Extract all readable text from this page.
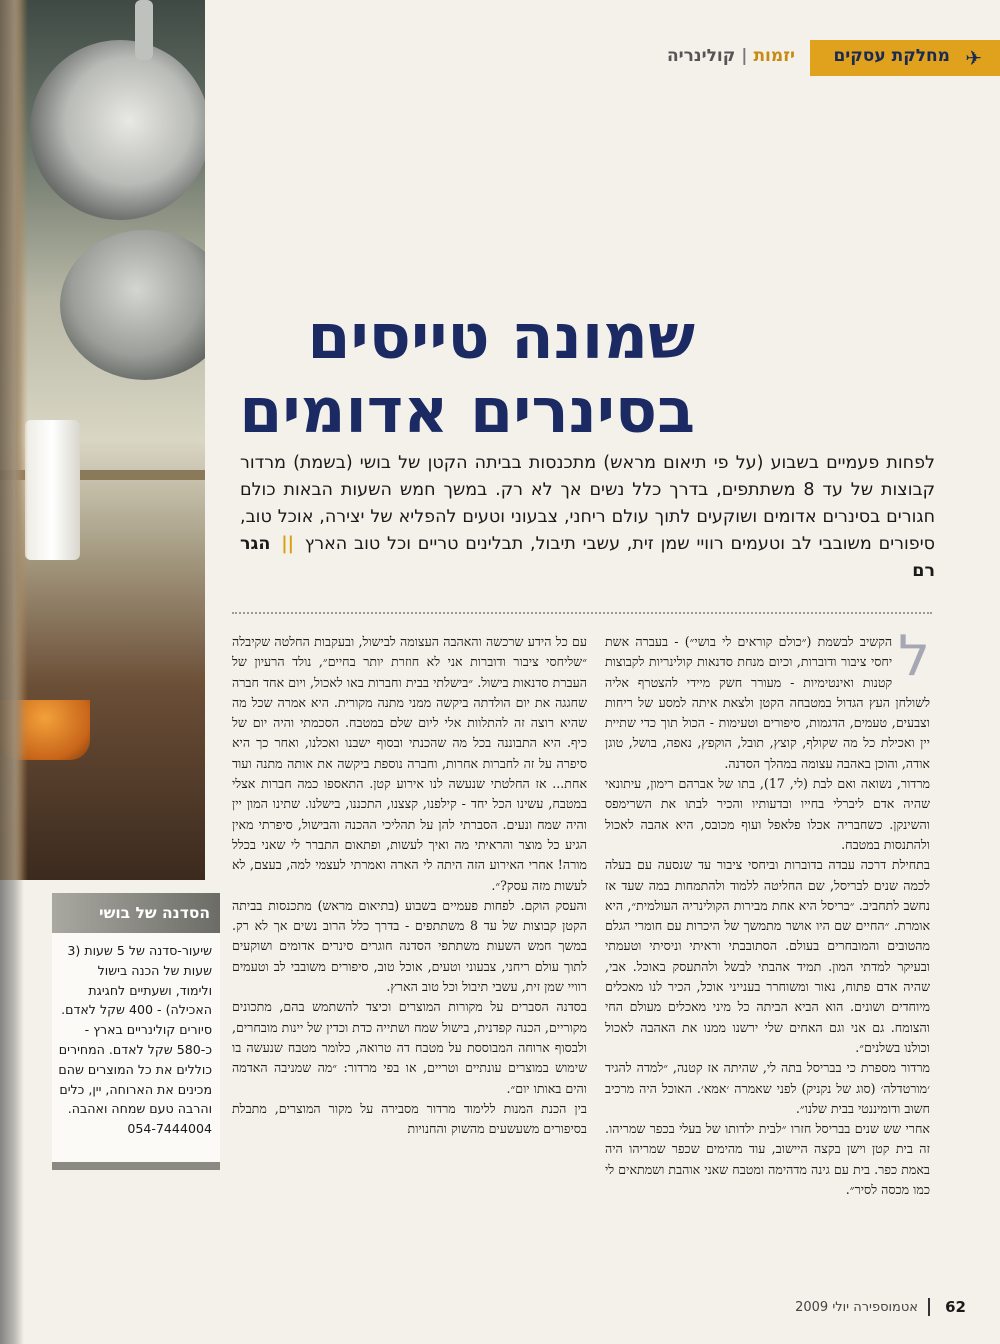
מחלקת עסקים ✈
יזמות|קולינריה
שמונה טייסים
בסינרים אדומים
לפחות פעמיים בשבוע (על פי תיאום מראש) מתכנסות בביתה הקטן של בושי (בשמת) מרדור קבוצות של עד 8 משתתפים, בדרך כלל נשים אך לא רק. במשך חמש השעות הבאות כולם חגורים בסינרים אדומים ושוקעים לתוך עולם ריחני, צבעוני וטעים להפליא של יצירה, אוכל טוב, סיפורים משובבי לב וטעמים רוויי שמן זית, עשבי תיבול, תבלינים טריים וכל טוב הארץ || הגר רם
ל

הקשיב לבשמת (״כולם קוראים לי בושי״) - בעברה אשת יחסי ציבור ודוברות, וכיום מנחת סדנאות קולינריות לקבוצות קטנות ואינטימיות - מעורר חשק מיידי להצטרף אליה לשולחן העץ הגדול במטבחה הקטן ולצאת איתה למסע של ריחות וצבעים, טעמים, הדגמות, סיפורים וטעימות - הכול תוך כדי שתיית יין ואכילת כל מה שקולף, קוצץ, תובל, הוקפץ, נאפה, בושל, טוגן אודה, והוכן באהבה עצומה במהלך הסדנה.

מרדור, נשואה ואם לבת (לי, 17), בתו של אברהם רימון, עיתונאי שהיה אדם ליברלי בחייו ובדעותיו והכיר לבתו את השרימפס והשינקן. כשחבריה אכלו פלאפל ועוף מכובס, היא אהבה לאכול ולהתנסות במטבח.

בתחילת דרכה עבדה בדוברות וביחסי ציבור עד שנסעה עם בעלה לכמה שנים לבריסל, שם החליטה ללמוד ולהתמחות במה שעד אז נחשב לתחביב. ״בריסל היא אחת מבירות הקולינריה העולמית״, היא אומרת. ״החיים שם היו אושר מתמשך של היכרות עם חומרי הגלם מהטובים והמובחרים בעולם. הסתובבתי וראיתי וניסיתי וטעמתי ובעיקר למדתי המון. תמיד אהבתי לבשל ולהתעסק באוכל. אבי, שהיה אדם פתוח, נאור ומשוחרר בענייני אוכל, הכיר לנו מאכלים מיוחדים ושונים. הוא הביא הביתה כל מיני מאכלים מעולם החי והצומח. גם אני וגם האחים שלי ירשנו ממנו את האהבה לאכול וכולנו בשלנים״.

מרדור מספרת כי בבריסל בתה לי, שהיתה אז קטנה, ״למדה להגיד ׳מורטדלה׳ (סוג של נקניק) לפני שאמרה ׳אמא׳. האוכל היה מרכיב חשוב ודומיננטי בבית שלנו״.

אחרי שש שנים בבריסל חזרו ״לבית ילדותו של בעלי בכפר שמריהו. זה בית קטן וישן בקצה היישוב, עוד מהימים שכפר שמריהו היה באמת כפר. בית עם גינה מדהימה ומטבח שאני אוהבת ושמתאים לי כמו מכסה לסיר״.

עם כל הידע שרכשה והאהבה העצומה לבישול, ובעקבות החלטה שקיבלה ״שליחסי ציבור ודוברות אני לא חוזרת יותר בחיים״, נולד הרעיון של העברת סדנאות בישול. ״בישלתי בבית וחברות באו לאכול, ויום אחד חברה שחגגה את יום הולדתה ביקשה ממני מתנה מקורית. היא אמרה שכל מה שהיא רוצה זה להתלוות אלי ליום שלם במטבח. הסכמתי והיה יום של כיף. היא התבוננה בכל מה שהכנתי ובסוף ישבנו ואכלנו, ואחר כך היא סיפרה על זה לחברות אחרות, וחברה נוספת ביקשה את אותה מתנה ועוד אחת... אז החלטתי שנעשה לנו אירוע קטן. התאספו כמה חברות אצלי במטבח, עשינו הכל יחד - קילפנו, קצצנו, התכננו, בישלנו. שתינו המון יין והיה שמח ונעים. הסברתי להן על תהליכי ההכנה והבישול, סיפרתי מאין הגיע כל מוצר והראיתי מה ואיך לעשות, ופתאום התברר לי שאני בכלל מורה! אחרי האירוע הזה היתה לי הארה ואמרתי לעצמי למה, בעצם, לא לעשות מזה עסק?״.

והעסק הוקם. לפחות פעמיים בשבוע (בתיאום מראש) מתכנסות בביתה הקטן קבוצות של עד 8 משתתפים - בדרך כלל הרוב נשים אך לא רק. במשך חמש השעות משתתפי הסדנה חוגרים סינרים אדומים ושוקעים לתוך עולם ריחני, צבעוני וטעים, אוכל טוב, סיפורים משובבי לב וטעמים רוויי שמן זית, עשבי תיבול וכל טוב הארץ.

בסדנה הסברים על מקורות המוצרים וכיצד להשתמש בהם, מתכונים מקוריים, הכנה קפדנית, בישול שמח ושתייה כדת וכדין של יינות מובחרים, ולבסוף ארוחה המבוססת על מטבח דה טרואה, כלומר מטבח שנעשה בו שימוש במוצרים עונתיים וטריים, או בפי מרדור: ״מה שמניבה האדמה והים באותו יום״.

בין הכנת המנות ללימוד מרדור מסבירה על מקור המוצרים, מתבלת בסיפורים משעשעים מהשוק והחנויות

הסדנה של בושי
שיעור-סדנה של 5 שעות (3 שעות של הכנה בישול ולימוד, ושעתיים לחגיגת האכילה) - 400 שקל לאדם. סיורים קולינריים בארץ - כ-580 שקל לאדם. המחירים כוללים את כל המוצרים שהם מכינים את הארוחה, יין, כלים והרבה טעם שמחה ואהבה.
054-7444004
62
אטמוספירה יולי 2009
